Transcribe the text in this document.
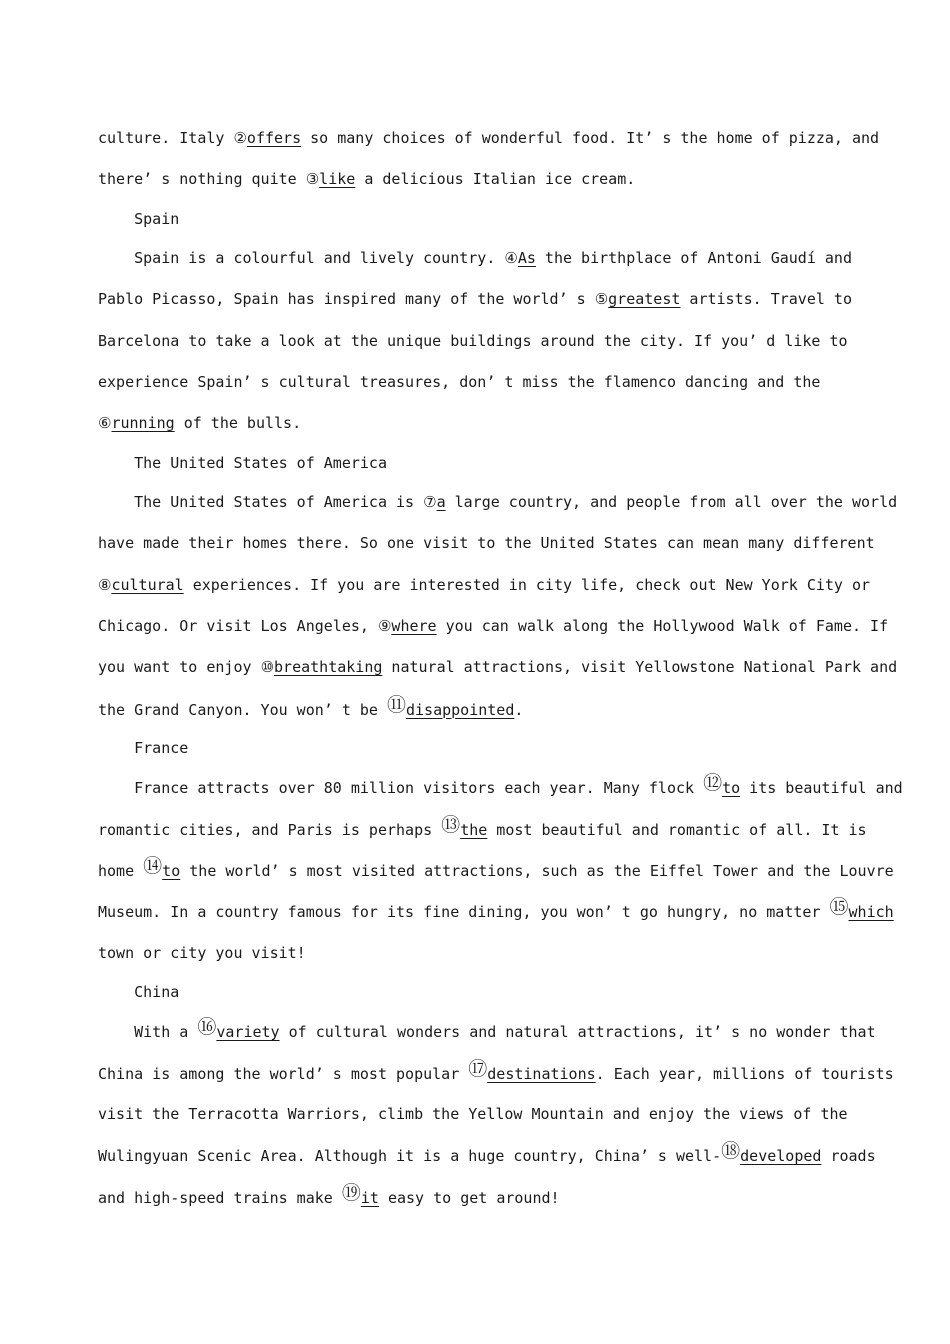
culture. Italy ②offers so many choices of wonderful food. It’ s the home of pizza, and
there’ s nothing quite ③like a delicious Italian ice cream.
Spain
Spain is a colourful and lively country. ④As the birthplace of Antoni Gaudí and
Pablo Picasso, Spain has inspired many of the world’ s ⑤greatest artists. Travel to
Barcelona to take a look at the unique buildings around the city. If you’ d like to
experience Spain’ s cultural treasures, don’ t miss the flamenco dancing and the
⑥running of the bulls.
The United States of America
The United States of America is ⑦a large country, and people from all over the world
have made their homes there. So one visit to the United States can mean many different
⑧cultural experiences. If you are interested in city life, check out New York City or
Chicago. Or visit Los Angeles, ⑨where you can walk along the Hollywood Walk of Fame. If
you want to enjoy ⑩breathtaking natural attractions, visit Yellowstone National Park and
the Grand Canyon. You won’ t be ⑪disappointed.
France
France attracts over 80 million visitors each year. Many flock ⑫to its beautiful and
romantic cities, and Paris is perhaps ⑬the most beautiful and romantic of all. It is
home ⑭to the world’ s most visited attractions, such as the Eiffel Tower and the Louvre
Museum. In a country famous for its fine dining, you won’ t go hungry, no matter ⑮which
town or city you visit!
China
With a ⑯variety of cultural wonders and natural attractions, it’ s no wonder that
China is among the world’ s most popular ⑰destinations. Each year, millions of tourists
visit the Terracotta Warriors, climb the Yellow Mountain and enjoy the views of the
Wulingyuan Scenic Area. Although it is a huge country, China’ s well-⑱developed roads
and high-speed trains make ⑲it easy to get around!
